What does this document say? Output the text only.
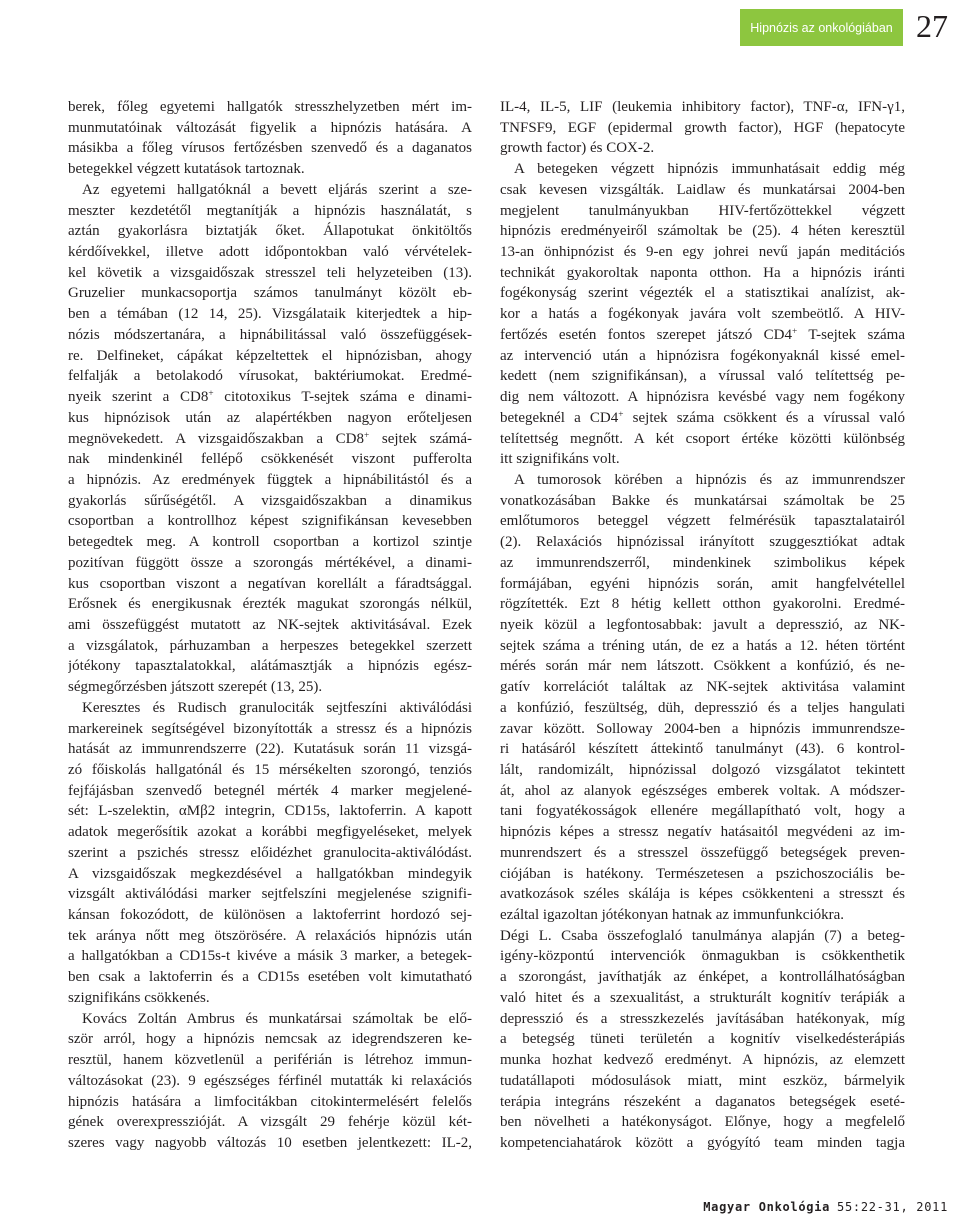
Hipnózis az onkológiában 27
berek, főleg egyetemi hallgatók stresszhelyzetben mért im-
munmutatóinak változását figyelik a hipnózis hatására. A
másikba a főleg vírusos fertőzésben szenvedő és a daganatos
betegekkel végzett kutatások tartoznak.
Az egyetemi hallgatóknál a bevett eljárás szerint a sze-
meszter kezdetétől megtanítják a hipnózis használatát, s
aztán gyakorlásra biztatják őket. Állapotukat önkitöltős
kérdőívekkel, illetve adott időpontokban való vérvételek-
kel követik a vizsgaidőszak stresszel teli helyzeteiben (13).
Gruzelier munkacsoportja számos tanulmányt közölt eb-
ben a témában (12 14, 25). Vizsgálataik kiterjedtek a hip-
nózis módszertanára, a hipnábilitással való összefüggések-
re. Delfineket, cápákat képzeltettek el hipnózisban, ahogy
felfalják a betolakodó vírusokat, baktériumokat. Eredmé-
nyeik szerint a CD8+ citotoxikus T-sejtek száma e dinami-
kus hipnózisok után az alapértékben nagyon erőteljesen
megnövekedett. A vizsgaidőszakban a CD8+ sejtek számá-
nak mindenkinél fellépő csökkenését viszont pufferolta
a hipnózis. Az eredmények függtek a hipnábilitástól és a
gyakorlás sűrűségétől. A vizsgaidőszakban a dinamikus
csoportban a kontrollhoz képest szignifikánsan kevesebben
betegedtek meg. A kontroll csoportban a kortizol szintje
pozitívan függött össze a szorongás mértékével, a dinami-
kus csoportban viszont a negatívan korellált a fáradtsággal.
Erősnek és energikusnak érezték magukat szorongás nélkül,
ami összefüggést mutatott az NK-sejtek aktivitásával. Ezek
a vizsgálatok, párhuzamban a herpeszes betegekkel szerzett
jótékony tapasztalatokkal, alátámasztják a hipnózis egész-
ségmegőrzésben játszott szerepét (13, 25).
Keresztes és Rudisch granulociták sejtfeszíni aktiválódási
markereinek segítségével bizonyították a stressz és a hipnózis
hatását az immunrendszerre (22). Kutatásuk során 11 vizsgá-
zó főiskolás hallgatónál és 15 mérsékelten szorongó, tenziós
fejfájásban szenvedő betegnél mérték 4 marker megjelené-
sét: L-szelektin, αMβ2 integrin, CD15s, laktoferrin. A kapott
adatok megerősítik azokat a korábbi megfigyeléseket, melyek
szerint a pszichés stressz előidézhet granulocita-aktiválódást.
A vizsgaidőszak megkezdésével a hallgatókban mindegyik
vizsgált aktiválódási marker sejtfelszíni megjelenése szignifi-
kánsan fokozódott, de különösen a laktoferrint hordozó sej-
tek aránya nőtt meg ötszörösére. A relaxációs hipnózis után
a hallgatókban a CD15s-t kivéve a másik 3 marker, a betegek-
ben csak a laktoferrin és a CD15s esetében volt kimutatható
szignifikáns csökkenés.
Kovács Zoltán Ambrus és munkatársai számoltak be elő-
ször arról, hogy a hipnózis nemcsak az idegrendszeren ke-
resztül, hanem közvetlenül a periférián is létrehoz immun-
változásokat (23). 9 egészséges férfinél mutatták ki relaxációs
hipnózis hatására a limfocitákban citokintermelésért felelős
gének overexpresszióját. A vizsgált 29 fehérje közül két-
szeres vagy nagyobb változás 10 esetben jelentkezett: IL-2,
IL-4, IL-5, LIF (leukemia inhibitory factor), TNF-α, IFN-γ1,
TNFSF9, EGF (epidermal growth factor), HGF (hepatocyte
growth factor) és COX-2.
A betegeken végzett hipnózis immunhatásait eddig még
csak kevesen vizsgálták. Laidlaw és munkatársai 2004-ben
megjelent tanulmányukban HIV-fertőzöttekkel végzett
hipnózis eredményeiről számoltak be (25). 4 héten keresztül
13-an önhipnózist és 9-en egy johrei nevű japán meditációs
technikát gyakoroltak naponta otthon. Ha a hipnózis iránti
fogékonyság szerint végezték el a statisztikai analízist, ak-
kor a hatás a fogékonyak javára volt szembeötlő. A HIV-
fertőzés esetén fontos szerepet játszó CD4+ T-sejtek száma
az intervenció után a hipnózisra fogékonyaknál kissé emel-
kedett (nem szignifikánsan), a vírussal való telítettség pe-
dig nem változott. A hipnózisra kevésbé vagy nem fogékony
betegeknél a CD4+ sejtek száma csökkent és a vírussal való
telítettség megnőtt. A két csoport értéke közötti különbség
itt szignifikáns volt.
A tumorosok körében a hipnózis és az immunrendszer
vonatkozásában Bakke és munkatársai számoltak be 25
emlőtumoros beteggel végzett felmérésük tapasztalatairól
(2). Relaxációs hipnózissal irányított szuggesztiókat adtak
az immunrendszerről, mindenkinek szimbolikus képek
formájában, egyéni hipnózis során, amit hangfelvétellel
rögzítették. Ezt 8 hétig kellett otthon gyakorolni. Eredmé-
nyeik közül a legfontosabbak: javult a depresszió, az NK-
sejtek száma a tréning után, de ez a hatás a 12. héten történt
mérés során már nem látszott. Csökkent a konfúzió, és ne-
gatív korrelációt találtak az NK-sejtek aktivitása valamint
a konfúzió, feszültség, düh, depresszió és a teljes hangulati
zavar között. Solloway 2004-ben a hipnózis immunrendsze-
ri hatásáról készített áttekintő tanulmányt (43). 6 kontrol-
lált, randomizált, hipnózissal dolgozó vizsgálatot tekintett
át, ahol az alanyok egészséges emberek voltak. A módszer-
tani fogyatékosságok ellenére megállapítható volt, hogy a
hipnózis képes a stressz negatív hatásaitól megvédeni az im-
munrendszert és a stresszel összefüggő betegségek preven-
ciójában is hatékony. Természetesen a pszichoszociális be-
avatkozások széles skálája is képes csökkenteni a stresszt és
ezáltal igazoltan jótékonyan hatnak az immunfunkciókra.
Dégi L. Csaba összefoglaló tanulmánya alapján (7) a beteg-
igény-központú intervenciók önmagukban is csökkenthetik
a szorongást, javíthatják az énképet, a kontrollálhatóságban
való hitet és a szexualitást, a strukturált kognitív terápiák a
depresszió és a stresszkezelés javításában hatékonyak, míg
a betegség tüneti területén a kognitív viselkedésterápiás
munka hozhat kedvező eredményt. A hipnózis, az elemzett
tudatállapoti módosulások miatt, mint eszköz, bármelyik
terápia integráns részeként a daganatos betegségek eseté-
ben növelheti a hatékonyságot. Előnye, hogy a megfelelő
kompetenciahatárok között a gyógyító team minden tagja
Magyar Onkológia 55:22-31, 2011
